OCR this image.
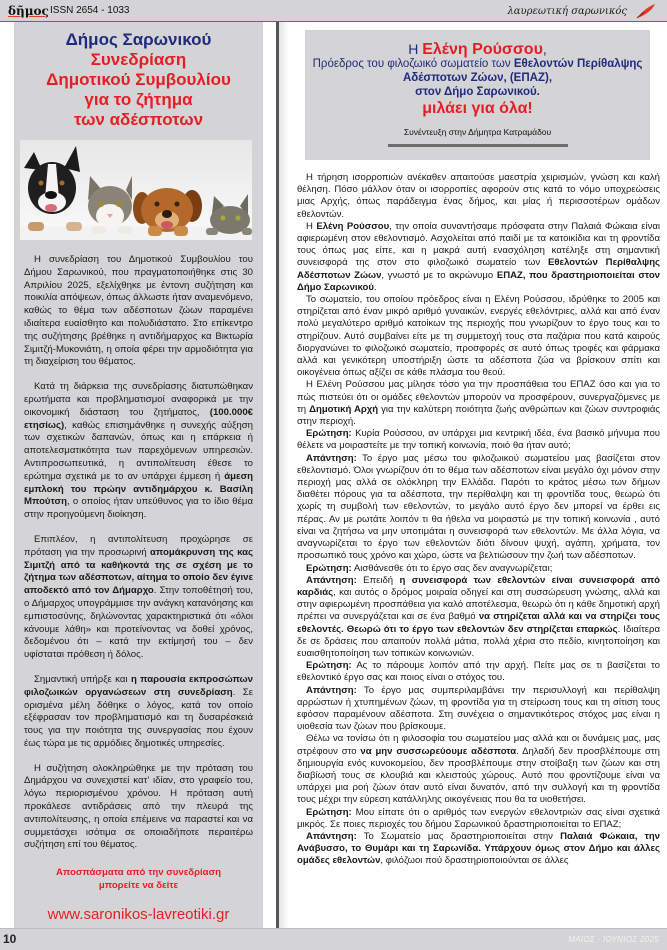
δῆμος ISSN 2654 - 1033	λαυρεωτική σαρωνικός
Δήμος Σαρωνικού
Συνεδρίαση
Δημοτικού Συμβουλίου
για το ζήτημα
των αδέσποτων

Η συνεδρίαση του Δημοτικού Συμβουλίου του Δήμου Σαρωνικού, που πραγματοποιήθηκε στις 30 Απριλίου 2025, εξελίχθηκε με έντονη συζήτηση και ποικιλία απόψεων, όπως άλλωστε ήταν αναμενόμενο, καθώς το θέμα των αδέσποτων ζώων παραμένει ιδιαίτερα ευαίσθητο και πολυδιάστατο. Στο επίκεντρο της συζήτησης βρέθηκε η αντιδήμαρχος κα Βικτωρία Σιμιτζή-Μυκονιάτη, η οποία φέρει την αρμοδιότητα για τη διαχείριση του θέματος.

Κατά τη διάρκεια της συνεδρίασης διατυπώθηκαν ερωτήματα και προβληματισμοί αναφορικά με την οικονομική διάσταση του ζητήματος, (100.000€ ετησίως), καθώς επισημάνθηκε η συνεχής αύξηση των σχετικών δαπανών, όπως και η επάρκεια ή αποτελεσματικότητα των παρεχόμενων υπηρεσιών. Αντιπροσωπευτικά, η αντιπολίτευση έθεσε το ερώτημα σχετικά με το αν υπάρχει έμμεση ή άμεση εμπλοκή του πρώην αντιδημάρχου κ. Βασίλη Μπούτση, ο οποίος ήταν υπεύθυνος για το ίδιο θέμα στην προηγούμενη διοίκηση.

Επιπλέον, η αντιπολίτευση προχώρησε σε πρόταση για την προσωρινή απομάκρυνση της κας Σιμιτζή από τα καθήκοντά της σε σχέση με το ζήτημα των αδέσποτων, αίτημα το οποίο δεν έγινε αποδεκτό από τον Δήμαρχο. Στην τοποθέτησή του, ο Δήμαρχος υπογράμμισε την ανάγκη κατανόησης και εμπιστοσύνης, δηλώνοντας χαρακτηριστικά ότι «όλοι κάνουμε λάθη» και προτείνοντας να δοθεί χρόνος, δεδομένου ότι – κατά την εκτίμησή του – δεν υφίσταται πρόθεση ή δόλος.

Σημαντική υπήρξε και η παρουσία εκπροσώπων φιλοζωικών οργανώσεων στη συνεδρίαση. Σε ορισμένα μέλη δόθηκε ο λόγος, κατά τον οποίο εξέφρασαν τον προβληματισμό και τη δυσαρέσκειά τους για την ποιότητα της συνεργασίας που έχουν έως τώρα με τις αρμόδιες δημοτικές υπηρεσίες.

Η συζήτηση ολοκληρώθηκε με την πρόταση του Δημάρχου να συνεχιστεί κατ’ ιδίαν, στο γραφείο του, λόγω περιορισμένου χρόνου. Η πρόταση αυτή προκάλεσε αντιδράσεις από την πλευρά της αντιπολίτευσης, η οποία επέμεινε να παραστεί και να συμμετάσχει ισότιμα σε οποιαδήποτε περαιτέρω συζήτηση επί του θέματος.

Αποσπάσματα από την συνεδρίαση
μπορείτε να δείτε
www.saronikos-lavreotiki.gr
Η Ελένη Ρούσσου,
Πρόεδρος του φιλοζωικό σωματείο των Εθελοντών Περίθαλψης Αδέσποτων Ζώων, (ΕΠΑΖ),
στον Δήμο Σαρωνικού.
μιλάει για όλα!
Συνέντευξη στην Δήμητρα Κατραμάδου

Η τήρηση ισορροπιών ανέκαθεν απαιτούσε μαεστρία χειρισμών, γνώση και καλή θέληση. Πόσο μάλλον όταν οι ισορροπίες αφορούν στις κατά το νόμο υποχρεώσεις μιας Αρχής, όπως παράδειγμα ένας δήμος, και μίας ή περισσοτέρων ομάδων εθελοντών.

Η Ελένη Ρούσσου, την οποία συναντήσαμε πρόσφατα στην Παλαιά Φώκαια είναι αφιερωμένη στον εθελοντισμό. Ασχολείται από παιδί με τα κατοικίδια και τη φροντίδα τους όπως μας είπε, και η μακρά αυτή ενασχόληση κατέληξε στη σημαντική συνεισφορά της στον στο φιλοζωικό σωματείο των Εθελοντών Περίθαλψης Αδέσποτων Ζώων, γνωστό με το ακρώνυμο ΕΠΑΖ, που δραστηριοποιείται στον Δήμο Σαρωνικού.

Το σωματείο, του οποίου πρόεδρος είναι η Ελένη Ρούσσου, ιδρύθηκε το 2005 και στηρίζεται από έναν μικρό αριθμό γυναικών, ενεργές εθελόντριες, αλλά και από έναν πολύ μεγαλύτερο αριθμό κατοίκων της περιοχής που γνωρίζουν το έργο τους και το στηρίζουν. Αυτό συμβαίνει είτε με τη συμμετοχή τους στα παζάρια που κατά καιρούς διοργανώνει το φιλοζωικό σωματείο, προσφορές σε αυτό όπως τροφές και φάρμακα αλλά και γενικότερη υποστήριξη ώστε τα αδέσποτα ζώα να βρίσκουν σπίτι και οικογένεια όπως αξίζει σε κάθε πλάσμα του θεού.

Η Ελένη Ρούσσου μας μίλησε τόσο για την προσπάθεια του ΕΠΑΖ όσο και για το πώς πιστεύει ότι οι ομάδες εθελοντών μπορούν να προσφέρουν, συνεργαζόμενες με τη Δημοτική Αρχή για την καλύτερη ποιότητα ζωής ανθρώπων και ζώων συντροφιάς στην περιοχή.

Ερώτηση: Κυρία Ρούσσου, αν υπάρχει μια κεντρική ιδέα, ένα βασικό μήνυμα που θέλετε να μοιραστείτε με την τοπική κοινωνία, ποιό θα ήταν αυτό;

Απάντηση: Το έργο μας μέσω του φιλοζωικού σωματείου μας βασίζεται στον εθελοντισμό. Όλοι γνωρίζουν ότι το θέμα των αδέσποτων είναι μεγάλο όχι μόνον στην περιοχή μας αλλά σε ολόκληρη την Ελλάδα. Παρότι το κράτος μέσω των δήμων διαθέτει πόρους για τα αδέσποτα, την περίθαλψη και τη φροντίδα τους, θεωρώ ότι χωρίς τη συμβολή των εθελοντών, το μεγάλο αυτό έργο δεν μπορεί να έρθει εις πέρας. Αν με ρωτάτε λοιπόν τι θα ήθελα να μοιραστώ με την τοπική κοινωνία , αυτό είναι να ζητήσω να μην υποτιμάται η συνεισφορά των εθελοντών. Με άλλα λόγια, να αναγνωρίζεται το έργο των εθελοντών διότι δίνουν ψυχή, αγάπη, χρήματα, τον προσωπικό τους χρόνο και χώρο, ώστε να βελτιώσουν την ζωή των αδέσποτων.

Ερώτηση: Αισθάνεσθε ότι το έργο σας δεν αναγνωρίζεται;

Απάντηση: Επειδή η συνεισφορά των εθελοντών είναι συνεισφορά από καρδιάς, και αυτός ο δρόμος μοιραία οδηγεί και στη συσσώρευση γνώσης, αλλά και στην αφιερωμένη προσπάθεια για καλό αποτέλεσμα, θεωρώ ότι η κάθε δημοτική αρχή πρέπει να συνεργάζεται και σε ένα βαθμό να στηρίζεται αλλά και να στηρίζει τους εθελοντές. Θεωρώ ότι το έργο των εθελοντών δεν στηρίζεται επαρκώς. Ιδιαίτερα δε σε δράσεις που απαιτούν πολλά μάτια, πολλά χέρια στο πεδίο, κινητοποίηση και ευαισθητοποίηση των τοπικών κοινωνιών.

Ερώτηση: Ας το πάρουμε λοιπόν από την αρχή. Πείτε μας σε τι βασίζεται το εθελοντικό έργο σας και ποιος είναι ο στόχος του.

Απάντηση: Το έργο μας συμπεριλαμβάνει την περισυλλογή και περίθαλψη αρρώστων ή χτυπημένων ζώων, τη φροντίδα για τη στείρωση τους και τη σίτιση τους εφόσον παραμένουν αδέσποτα. Στη συνέχεια ο σημαντικότερος στόχος μας είναι η υιοθεσία των ζώων που βρίσκουμε.

Θέλω να τονίσω ότι η φιλοσοφία του σωματείου μας αλλά και οι δυνάμεις μας, μας στρέφουν στο να μην συσσωρεύουμε αδέσποτα. Δηλαδή δεν προσβλέπουμε στη δημιουργία ενός κυνοκομείου, δεν προσβλέπουμε στην στοίβαξη των ζώων και στη διαβίωσή τους σε κλουβιά και κλειστούς χώρους. Αυτό που φροντίζουμε είναι να υπάρχει μια ροή ζώων όταν αυτό είναι δυνατόν, από την συλλογή και τη φροντίδα τους μέχρι την εύρεση κατάλληλης οικογένειας που θα τα υιοθετήσει.

Ερώτηση: Μου είπατε ότι ο αριθμός των ενεργών εθελοντριών σας είναι σχετικά μικρός. Σε ποιες περιοχές του δήμου Σαρωνικού δραστηριοποιείται το ΕΠΑΖ;

Απάντηση: Το Σωματείο μας δραστηριοποιείται στην Παλαιά Φώκαια, την Ανάβυσσο, το Θυμάρι και τη Σαρωνίδα. Υπάρχουν όμως στον Δήμο και άλλες ομάδες εθελοντών, φιλόζωοι πού δραστηριοποιούνται σε άλλες

10	ΜΑΙΟΣ - ΙΟΥΝΙΟΣ 2025
